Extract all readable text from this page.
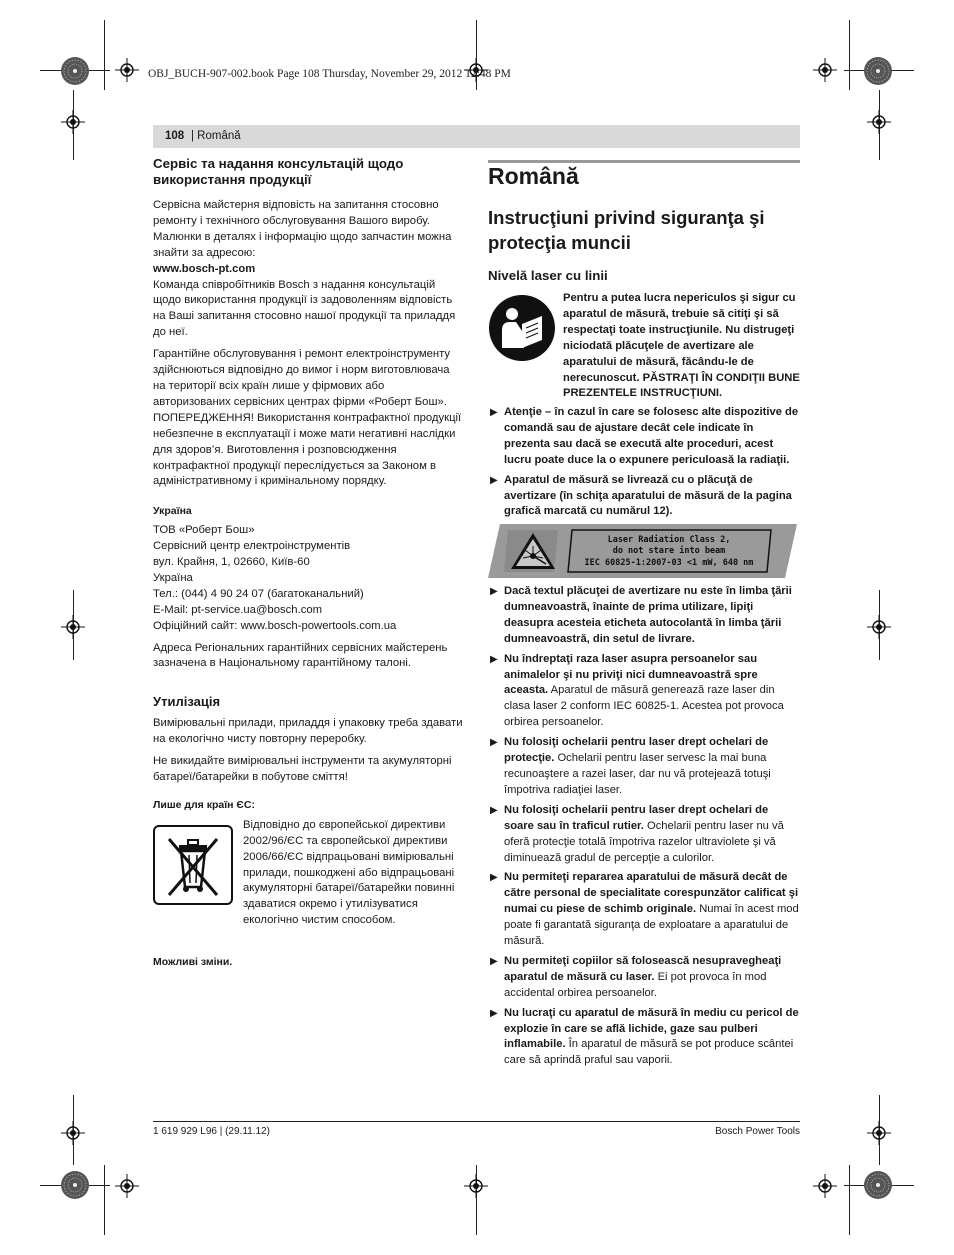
OBJ_BUCH-907-002.book Page 108 Thursday, November 29, 2012 12:48 PM
108 | Română
Сервіс та надання консультацій щодо використання продукції

Сервісна майстерня відповість на запитання стосовно ремонту і технічного обслуговування Вашого виробу. Малюнки в деталях і інформацію щодо запчастин можна знайти за адресою:
www.bosch-pt.com
Команда співробітників Bosch з надання консультацій щодо використання продукції із задоволенням відповість на Ваші запитання стосовно нашої продукції та приладдя до неї.

Гарантійне обслуговування і ремонт електроінструменту здійснюються відповідно до вимог і норм виготовлювача на території всіх країн лише у фірмових або авторизованих сервісних центрах фірми «Роберт Бош». ПОПЕРЕДЖЕННЯ! Використання контрафактної продукції небезпечне в експлуатації і може мати негативні наслідки для здоров’я. Виготовлення і розповсюдження контрафактної продукції переслідується за Законом в адміністративному і кримінальному порядку.

Україна
ТОВ «Роберт Бош»
Сервісний центр електроінструментів
вул. Крайня, 1, 02660, Київ-60
Україна
Тел.: (044) 4 90 24 07 (багатоканальний)
E-Mail: pt-service.ua@bosch.com
Офіційний сайт: www.bosch-powertools.com.ua

Адреса Регіональних гарантійних сервісних майстерень зазначена в Національному гарантійному талоні.

Утилізація

Вимірювальні прилади, приладдя і упаковку треба здавати на екологічно чисту повторну переробку.

Не викидайте вимірювальні інструменти та акумуляторні батареї/батарейки в побутове сміття!

Лише для країн ЄС:
Відповідно до європейської директиви 2002/96/ЄС та європейської директиви 2006/66/ЄС відпрацьовані вимірювальні прилади, пошкоджені або відпрацьовані акумуляторні батареї/батарейки повинні здаватися окремо і утилізуватися екологічно чистим способом.
Можливі зміни.
Română
Instrucţiuni privind siguranţa şi protecţia muncii
Nivelă laser cu linii
Pentru a putea lucra nepericulos şi sigur cu aparatul de măsură, trebuie să citiţi şi să respectaţi toate instrucţiunile. Nu distrugeţi niciodată plăcuţele de avertizare ale aparatului de măsură, făcându-le de nerecunoscut. PĂSTRAŢI ÎN CONDIŢII BUNE PREZENTELE INSTRUCŢIUNI.
▶ Atenţie – în cazul în care se folosesc alte dispozitive de comandă sau de ajustare decât cele indicate în prezenta sau dacă se execută alte proceduri, acest lucru poate duce la o expunere periculoasă la radiaţii.
▶ Aparatul de măsură se livrează cu o plăcuţă de avertizare (în schiţa aparatului de măsură de la pagina grafică marcată cu numărul 12).
Laser Radiation Class 2,
do not stare into beam
IEC 60825-1:2007-03 <1 mW, 640 nm
▶ Dacă textul plăcuţei de avertizare nu este în limba ţării dumneavoastră, înainte de prima utilizare, lipiţi deasupra acesteia eticheta autocolantă în limba ţării dumneavoastră, din setul de livrare.
▶ Nu îndreptaţi raza laser asupra persoanelor sau animalelor şi nu priviţi nici dumneavoastră spre aceasta. Aparatul de măsură generează raze laser din clasa laser 2 conform IEC 60825-1. Acestea pot provoca orbirea persoanelor.
▶ Nu folosiţi ochelarii pentru laser drept ochelari de protecţie. Ochelarii pentru laser servesc la mai buna recunoaştere a razei laser, dar nu vă protejează totuşi împotriva radiaţiei laser.
▶ Nu folosiţi ochelarii pentru laser drept ochelari de soare sau în traficul rutier. Ochelarii pentru laser nu vă oferă protecţie totală împotriva razelor ultraviolete şi vă diminuează gradul de percepţie a culorilor.
▶ Nu permiteţi repararea aparatului de măsură decât de către personal de specialitate corespunzător calificat şi numai cu piese de schimb originale. Numai în acest mod poate fi garantată siguranţa de exploatare a aparatului de măsură.
▶ Nu permiteţi copiilor să folosească nesupravegheaţi aparatul de măsură cu laser. Ei pot provoca în mod accidental orbirea persoanelor.
▶ Nu lucraţi cu aparatul de măsură în mediu cu pericol de explozie în care se află lichide, gaze sau pulberi inflamabile. În aparatul de măsură se pot produce scântei care să aprindă praful sau vaporii.
1 619 929 L96 | (29.11.12)	Bosch Power Tools
